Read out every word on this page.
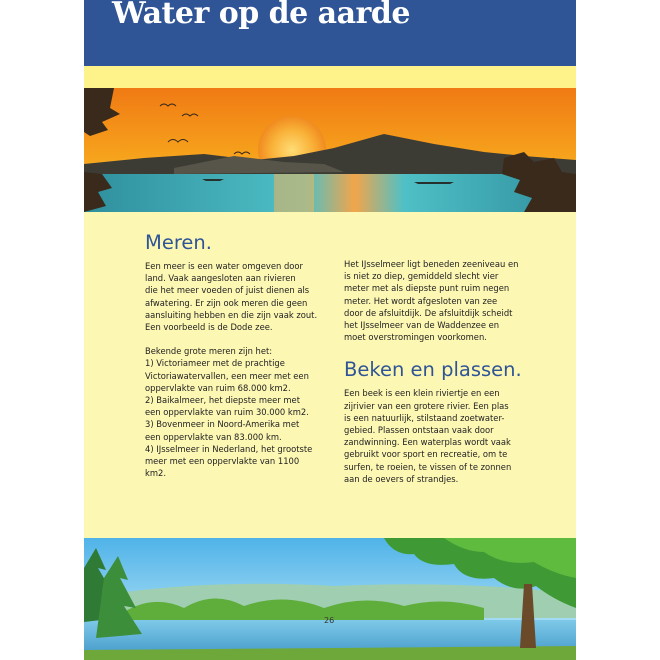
Water op de aarde
Meren.

Een meer is een water omgeven door
land. Vaak aangesloten aan rivieren
die het meer voeden of juist dienen als
afwatering. Er zijn ook meren die geen
aansluiting hebben en die zijn vaak zout.
Een voorbeeld is de Dode zee.

Bekende grote meren zijn het:
1) Victoriameer met de prachtige
Victoriawatervallen, een meer met een
oppervlakte van ruim 68.000 km2.
2) Baikalmeer, het diepste meer met
een oppervlakte van ruim 30.000 km2.
3) Bovenmeer in Noord-Amerika met
een oppervlakte van 83.000 km.
4) IJsselmeer in Nederland, het grootste
meer met een oppervlakte van 1100
km2.

Het IJsselmeer ligt beneden zeeniveau en
is niet zo diep, gemiddeld slecht vier
meter met als diepste punt ruim negen
meter. Het wordt afgesloten van zee
door de afsluitdijk. De afsluitdijk scheidt
het IJsselmeer van de Waddenzee en
moet overstromingen voorkomen.

Beken en plassen.

Een beek is een klein riviertje en een
zijrivier van een grotere rivier. Een plas
is een natuurlijk, stilstaand zoetwater-
gebied. Plassen ontstaan vaak door
zandwinning. Een waterplas wordt vaak
gebruikt voor sport en recreatie, om te
surfen, te roeien, te vissen of te zonnen
aan de oevers of strandjes.

26
